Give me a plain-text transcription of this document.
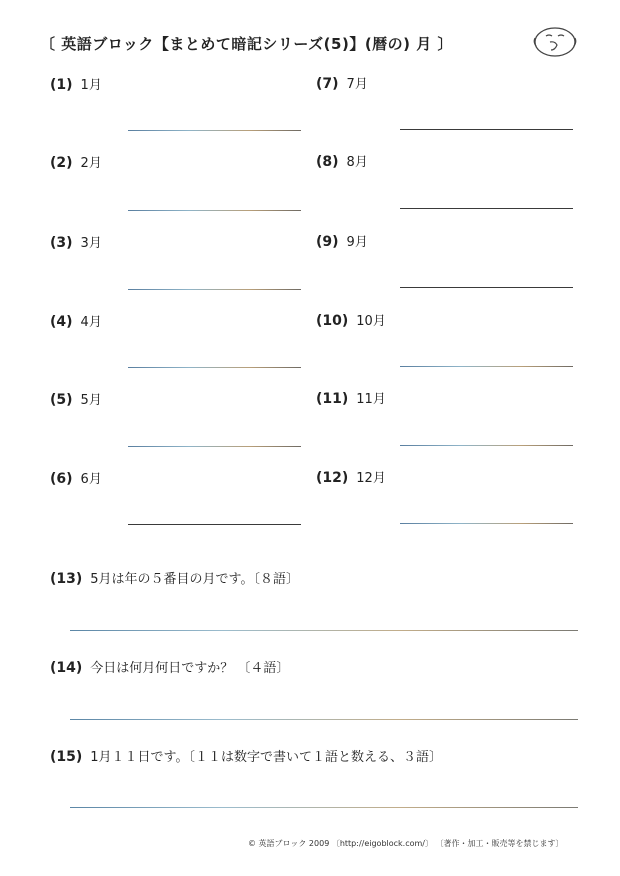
〔 英語ブロック【まとめて暗記シリーズ(5)】(暦の) 月 〕
(1) 1月
(2) 2月
(3) 3月
(4) 4月
(5) 5月
(6) 6月
(7) 7月
(8) 8月
(9) 9月
(10) 10月
(11) 11月
(12) 12月
(13) 5月は年の５番目の月です。〔８語〕
(14) 今日は何月何日ですか？ 〔４語〕
(15) 1月１１日です。〔１１は数字で書いて１語と数える、３語〕
© 英語ブロック 2009 〔http://eigoblock.com/〕 〔著作・加工・販売等を禁じます〕
